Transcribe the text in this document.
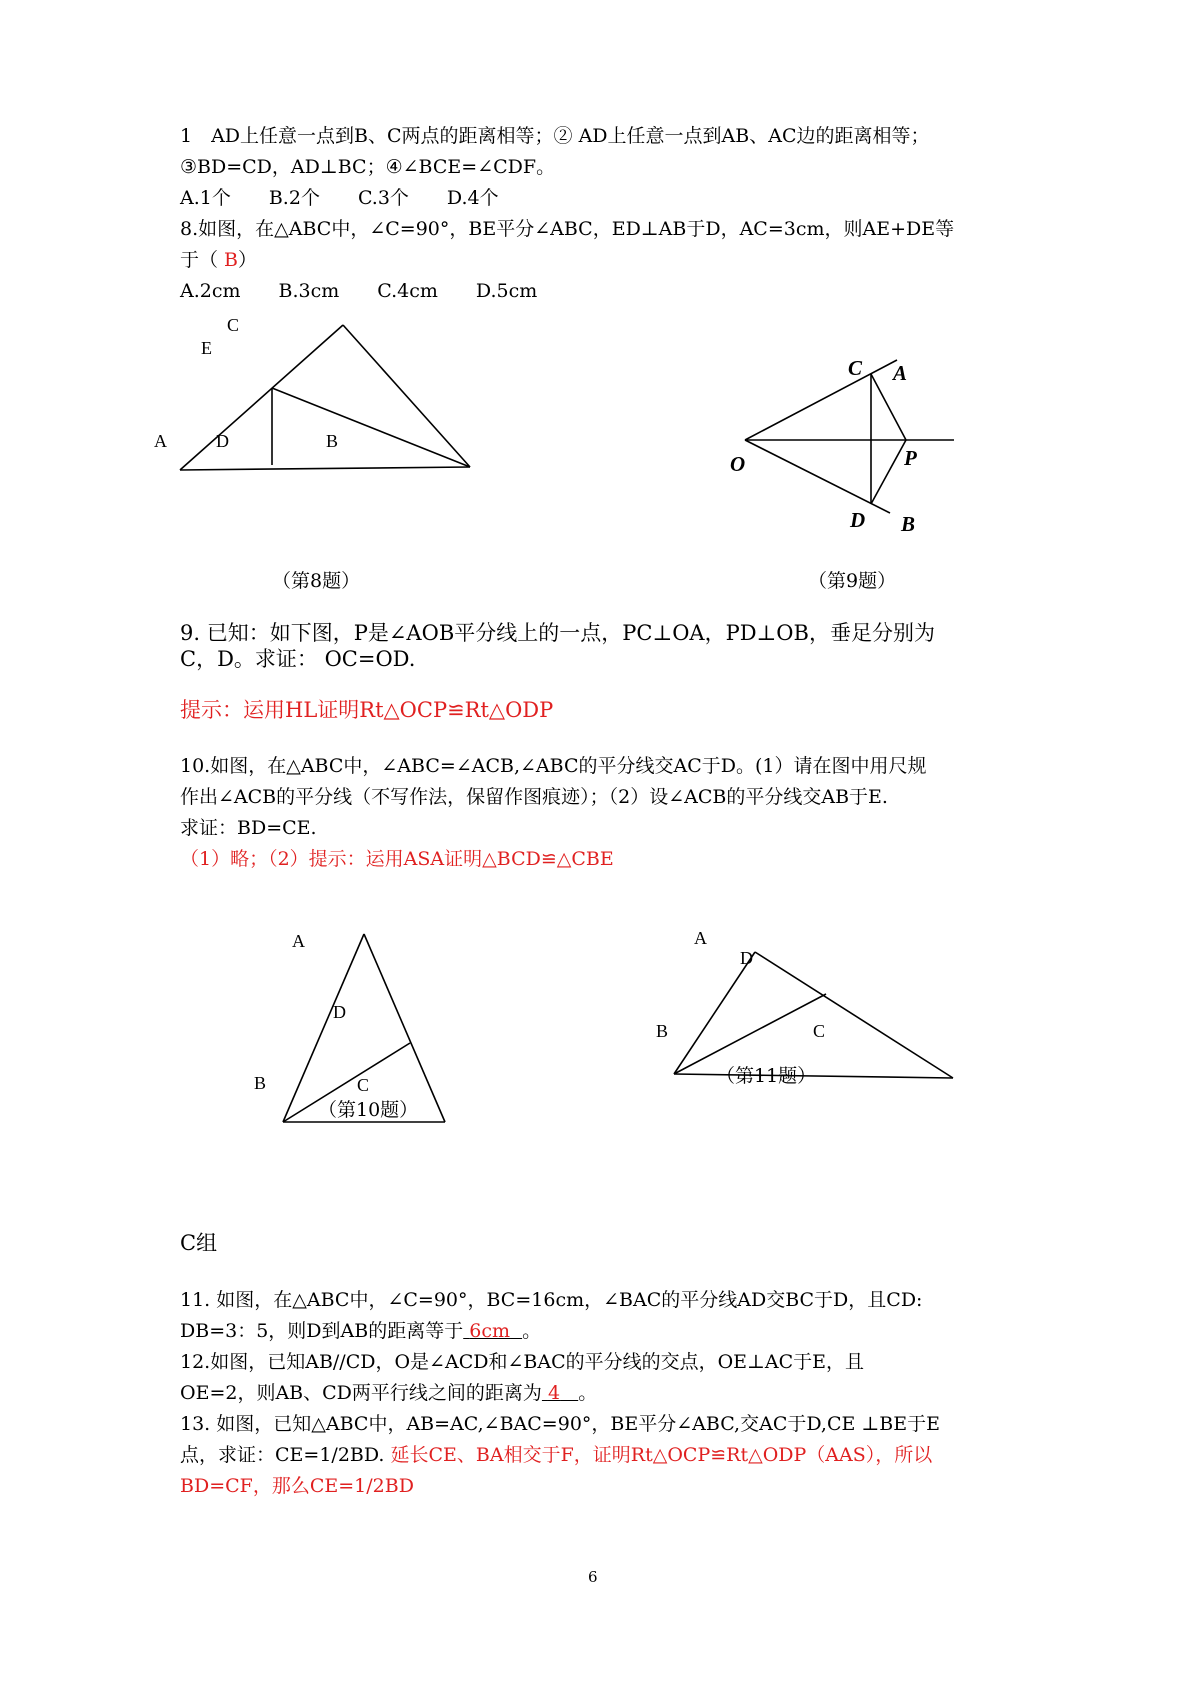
1　AD上任意一点到B、C两点的距离相等；② AD上任意一点到AB、AC边的距离相等；
③BD=CD，AD⊥BC；④∠BCE=∠CDF。
A.1个　　B.2个　　C.3个　　D.4个
8.如图，在△ABC中，∠C=90°，BE平分∠ABC，ED⊥AB于D，AC=3cm，则AE+DE等
于（ B）
A.2cm　　B.3cm　　C.4cm　　D.5cm
C
E
A	D	B
C A
O	P
D B
（第8题）	（第9题）
9. 已知：如下图，P是∠AOB平分线上的一点，PC⊥OA，PD⊥OB，垂足分别为
C，D。求证： OC=OD.
提示：运用HL证明Rt△OCP≌Rt△ODP
10.如图，在△ABC中，∠ABC=∠ACB,∠ABC的平分线交AC于D。(1）请在图中用尺规
作出∠ACB的平分线（不写作法，保留作图痕迹）；（2）设∠ACB的平分线交AB于E.
求证：BD=CE.
（1）略；（2）提示：运用ASA证明△BCD≌△CBE
A
D
B	C
（第10题）
A
D
B	C
（第11题）
C组
11. 如图，在△ABC中，∠C=90°，BC=16cm，∠BAC的平分线AD交BC于D，且CD:
DB=3：5，则D到AB的距离等于 6cm 。
12.如图，已知AB//CD，O是∠ACD和∠BAC的平分线的交点，OE⊥AC于E，且
OE=2，则AB、CD两平行线之间的距离为 4 。
13. 如图，已知△ABC中，AB=AC,∠BAC=90°，BE平分∠ABC,交AC于D,CE ⊥BE于E
点，求证：CE=1/2BD. 延长CE、BA相交于F，证明Rt△OCP≌Rt△ODP（AAS），所以
BD=CF，那么CE=1/2BD
6
